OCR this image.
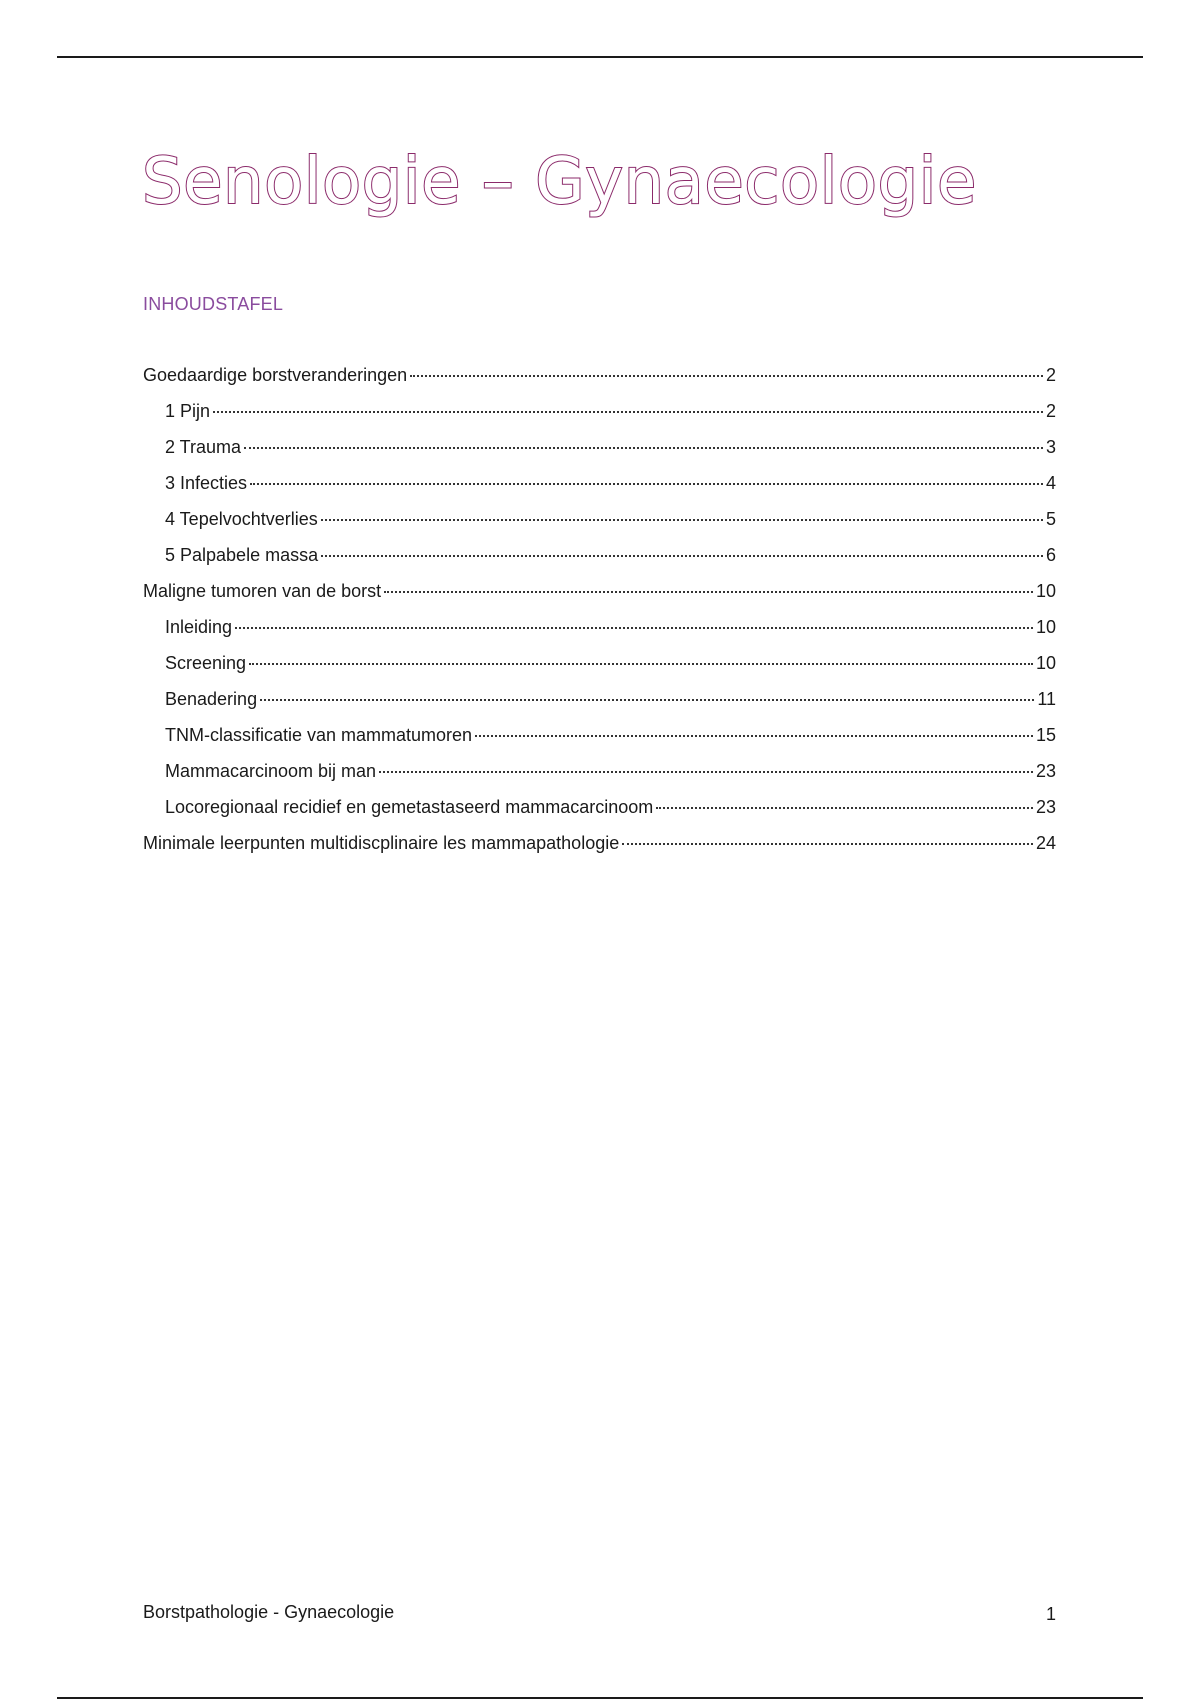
Senologie – Gynaecologie
INHOUDSTAFEL
Goedaardige borstveranderingen	2
1 Pijn	2
2 Trauma	3
3 Infecties	4
4 Tepelvochtverlies	5
5 Palpabele massa	6
Maligne tumoren van de borst	10
Inleiding	10
Screening	10
Benadering	11
TNM-classificatie van mammatumoren	15
Mammacarcinoom bij man	23
Locoregionaal recidief en gemetastaseerd mammacarcinoom	23
Minimale leerpunten multidiscplinaire les mammapathologie	24

Borstpathologie - Gynaecologie	1
